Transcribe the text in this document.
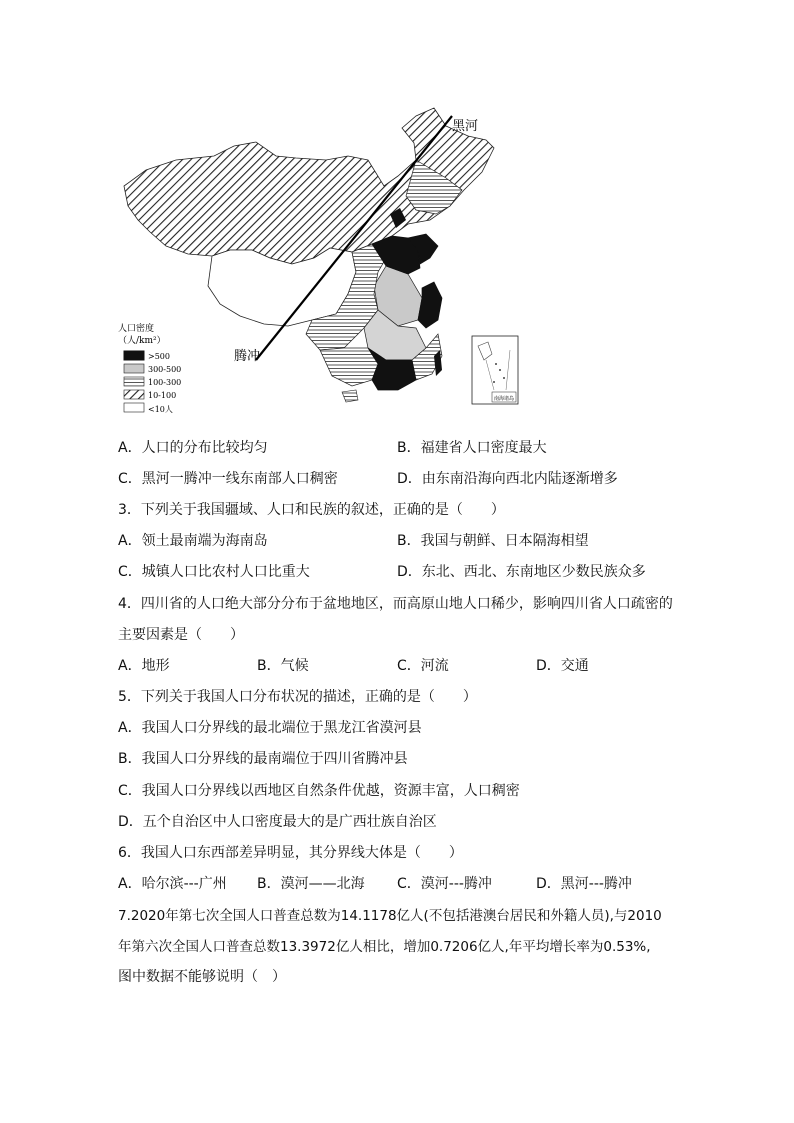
黑河
腾冲
人口密度
（人/km²）
>500
300-500
100-300
10-100
<10人
南海诸岛
A．人口的分布比较均匀	B．福建省人口密度最大
C．黑河一腾冲一线东南部人口稠密	D．由东南沿海向西北内陆逐渐增多
3．下列关于我国疆域、人口和民族的叙述，正确的是（　　）
A．领土最南端为海南岛	B．我国与朝鲜、日本隔海相望
C．城镇人口比农村人口比重大	D．东北、西北、东南地区少数民族众多
4．四川省的人口绝大部分分布于盆地地区，而高原山地人口稀少，影响四川省人口疏密的
主要因素是（　　）
A．地形	B．气候	C．河流	D．交通
5．下列关于我国人口分布状况的描述，正确的是（　　）
A．我国人口分界线的最北端位于黑龙江省漠河县
B．我国人口分界线的最南端位于四川省腾冲县
C．我国人口分界线以西地区自然条件优越，资源丰富，人口稠密
D．五个自治区中人口密度最大的是广西壮族自治区
6．我国人口东西部差异明显，其分界线大体是（　　）
A．哈尔滨---广州 B．漠河——北海 C．漠河---腾冲	D．黑河---腾冲
7.2020年第七次全国人口普查总数为14.1178亿人(不包括港澳台居民和外籍人员),与2010
年第六次全国人口普查总数13.3972亿人相比，增加0.7206亿人,年平均增长率为0.53%,
图中数据不能够说明（　）
